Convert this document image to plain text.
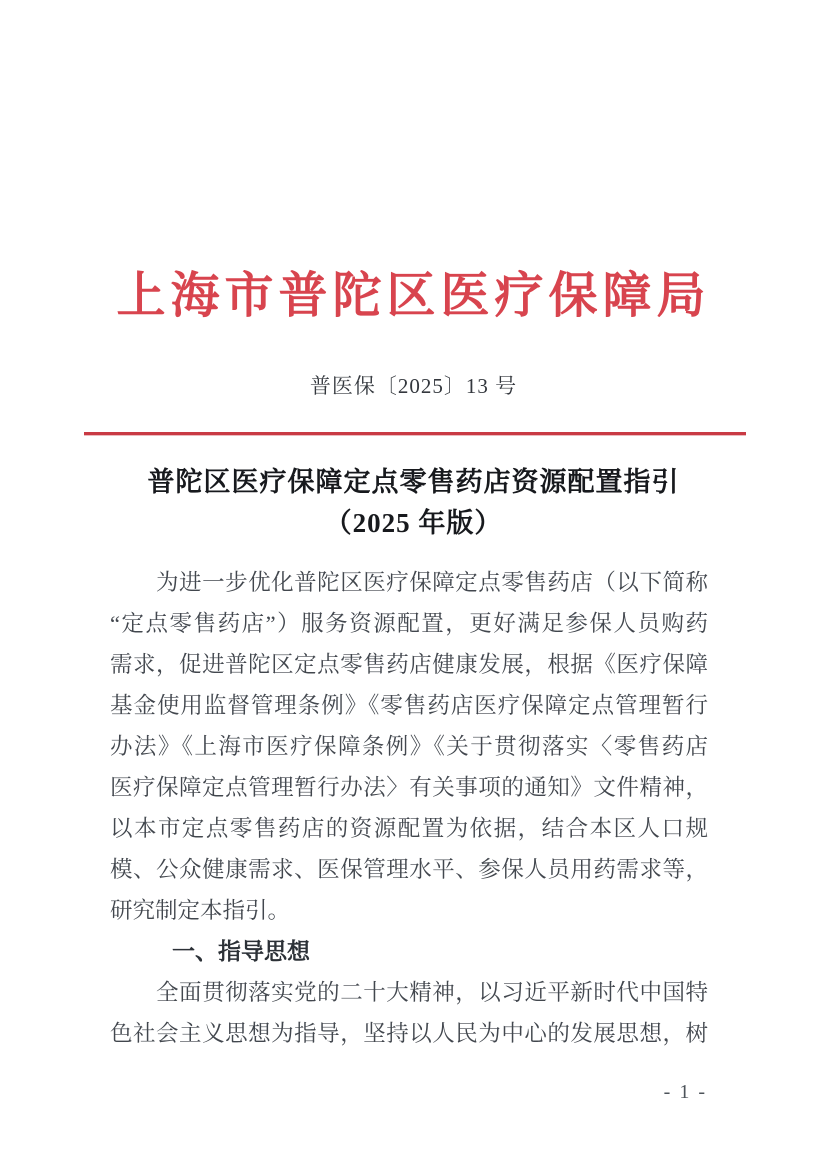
上海市普陀区医疗保障局
普医保〔2025〕13 号
普陀区医疗保障定点零售药店资源配置指引
（2025 年版）
　　为进一步优化普陀区医疗保障定点零售药店（以下简称
“定点零售药店”）服务资源配置，更好满足参保人员购药
需求，促进普陀区定点零售药店健康发展，根据《医疗保障
基金使用监督管理条例》《零售药店医疗保障定点管理暂行
办法》《上海市医疗保障条例》《关于贯彻落实〈零售药店
医疗保障定点管理暂行办法〉有关事项的通知》文件精神，
以本市定点零售药店的资源配置为依据，结合本区人口规
模、公众健康需求、医保管理水平、参保人员用药需求等，
研究制定本指引。
一、指导思想
　　全面贯彻落实党的二十大精神，以习近平新时代中国特
色社会主义思想为指导，坚持以人民为中心的发展思想，树
- 1 -
